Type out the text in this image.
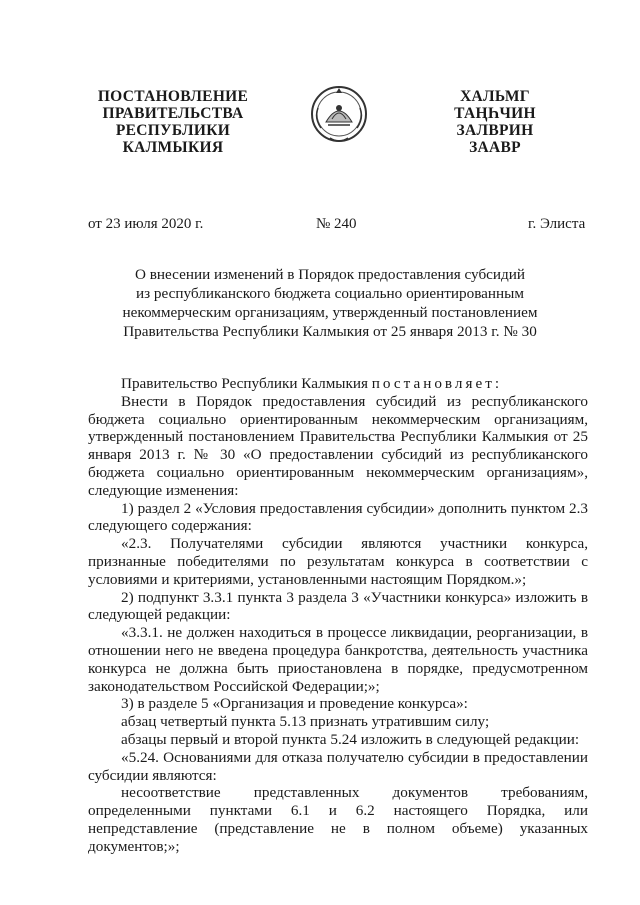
ПОСТАНОВЛЕНИЕ
ПРАВИТЕЛЬСТВА
РЕСПУБЛИКИ
КАЛМЫКИЯ
ХАЛЬМГ
ТАҢҺЧИН
ЗАЛВРИН
ЗААВР
от 23 июля 2020 г.	№ 240	г. Элиста
О внесении изменений в Порядок предоставления субсидий
из республиканского бюджета социально ориентированным
некоммерческим организациям, утвержденный постановлением
Правительства Республики Калмыкия от 25 января 2013 г. № 30
Правительство Республики Калмыкия постановляет:
Внести в Порядок предоставления субсидий из республиканского бюджета социально ориентированным некоммерческим организациям, утвержденный постановлением Правительства Республики Калмыкия от 25 января 2013 г. № 30 «О предоставлении субсидий из республиканского бюджета социально ориентированным некоммерческим организациям», следующие изменения:
1) раздел 2 «Условия предоставления субсидии» дополнить пунктом 2.3 следующего содержания:
«2.3. Получателями субсидии являются участники конкурса, признанные победителями по результатам конкурса в соответствии с условиями и критериями, установленными настоящим Порядком.»;
2) подпункт 3.3.1 пункта 3 раздела 3 «Участники конкурса» изложить в следующей редакции:
«3.3.1. не должен находиться в процессе ликвидации, реорганизации, в отношении него не введена процедура банкротства, деятельность участника конкурса не должна быть приостановлена в порядке, предусмотренном законодательством Российской Федерации;»;
3) в разделе 5 «Организация и проведение конкурса»:
абзац четвертый пункта 5.13 признать утратившим силу;
абзацы первый и второй пункта 5.24 изложить в следующей редакции:
«5.24. Основаниями для отказа получателю субсидии в предоставлении субсидии являются:
несоответствие представленных документов требованиям, определенными пунктами 6.1 и 6.2 настоящего Порядка, или непредставление (представление не в полном объеме) указанных документов;»;
